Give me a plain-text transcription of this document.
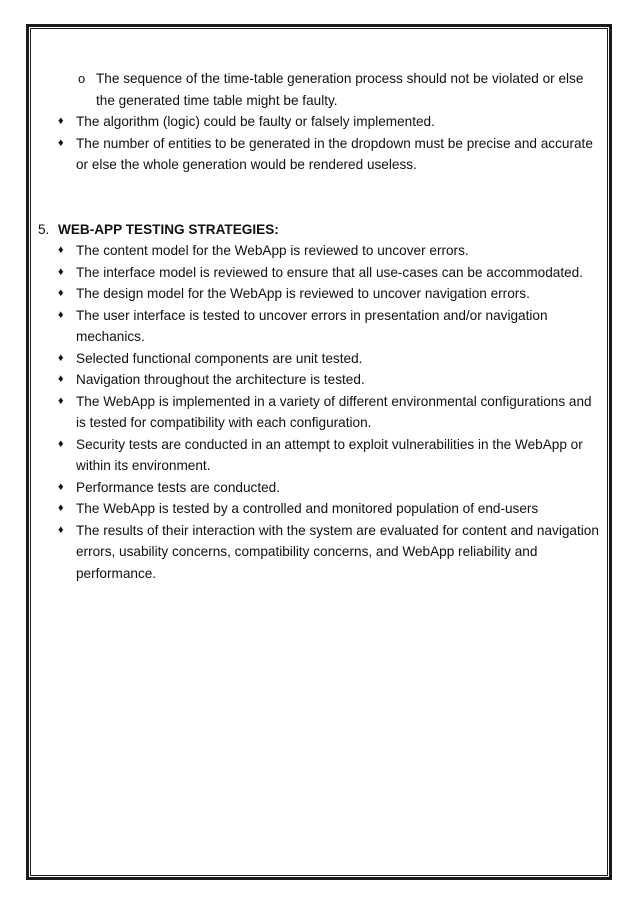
o The sequence of the time-table generation process should not be violated or else the generated time table might be faulty.
♦ The algorithm (logic) could be faulty or falsely implemented.
♦ The number of entities to be generated in the dropdown must be precise and accurate or else the whole generation would be rendered useless.
5. WEB-APP TESTING STRATEGIES:
♦ The content model for the WebApp is reviewed to uncover errors.
♦ The interface model is reviewed to ensure that all use-cases can be accommodated.
♦ The design model for the WebApp is reviewed to uncover navigation errors.
♦ The user interface is tested to uncover errors in presentation and/or navigation mechanics.
♦ Selected functional components are unit tested.
♦ Navigation throughout the architecture is tested.
♦ The WebApp is implemented in a variety of different environmental configurations and is tested for compatibility with each configuration.
♦ Security tests are conducted in an attempt to exploit vulnerabilities in the WebApp or within its environment.
♦ Performance tests are conducted.
♦ The WebApp is tested by a controlled and monitored population of end-users
♦ The results of their interaction with the system are evaluated for content and navigation errors, usability concerns, compatibility concerns, and WebApp reliability and performance.
